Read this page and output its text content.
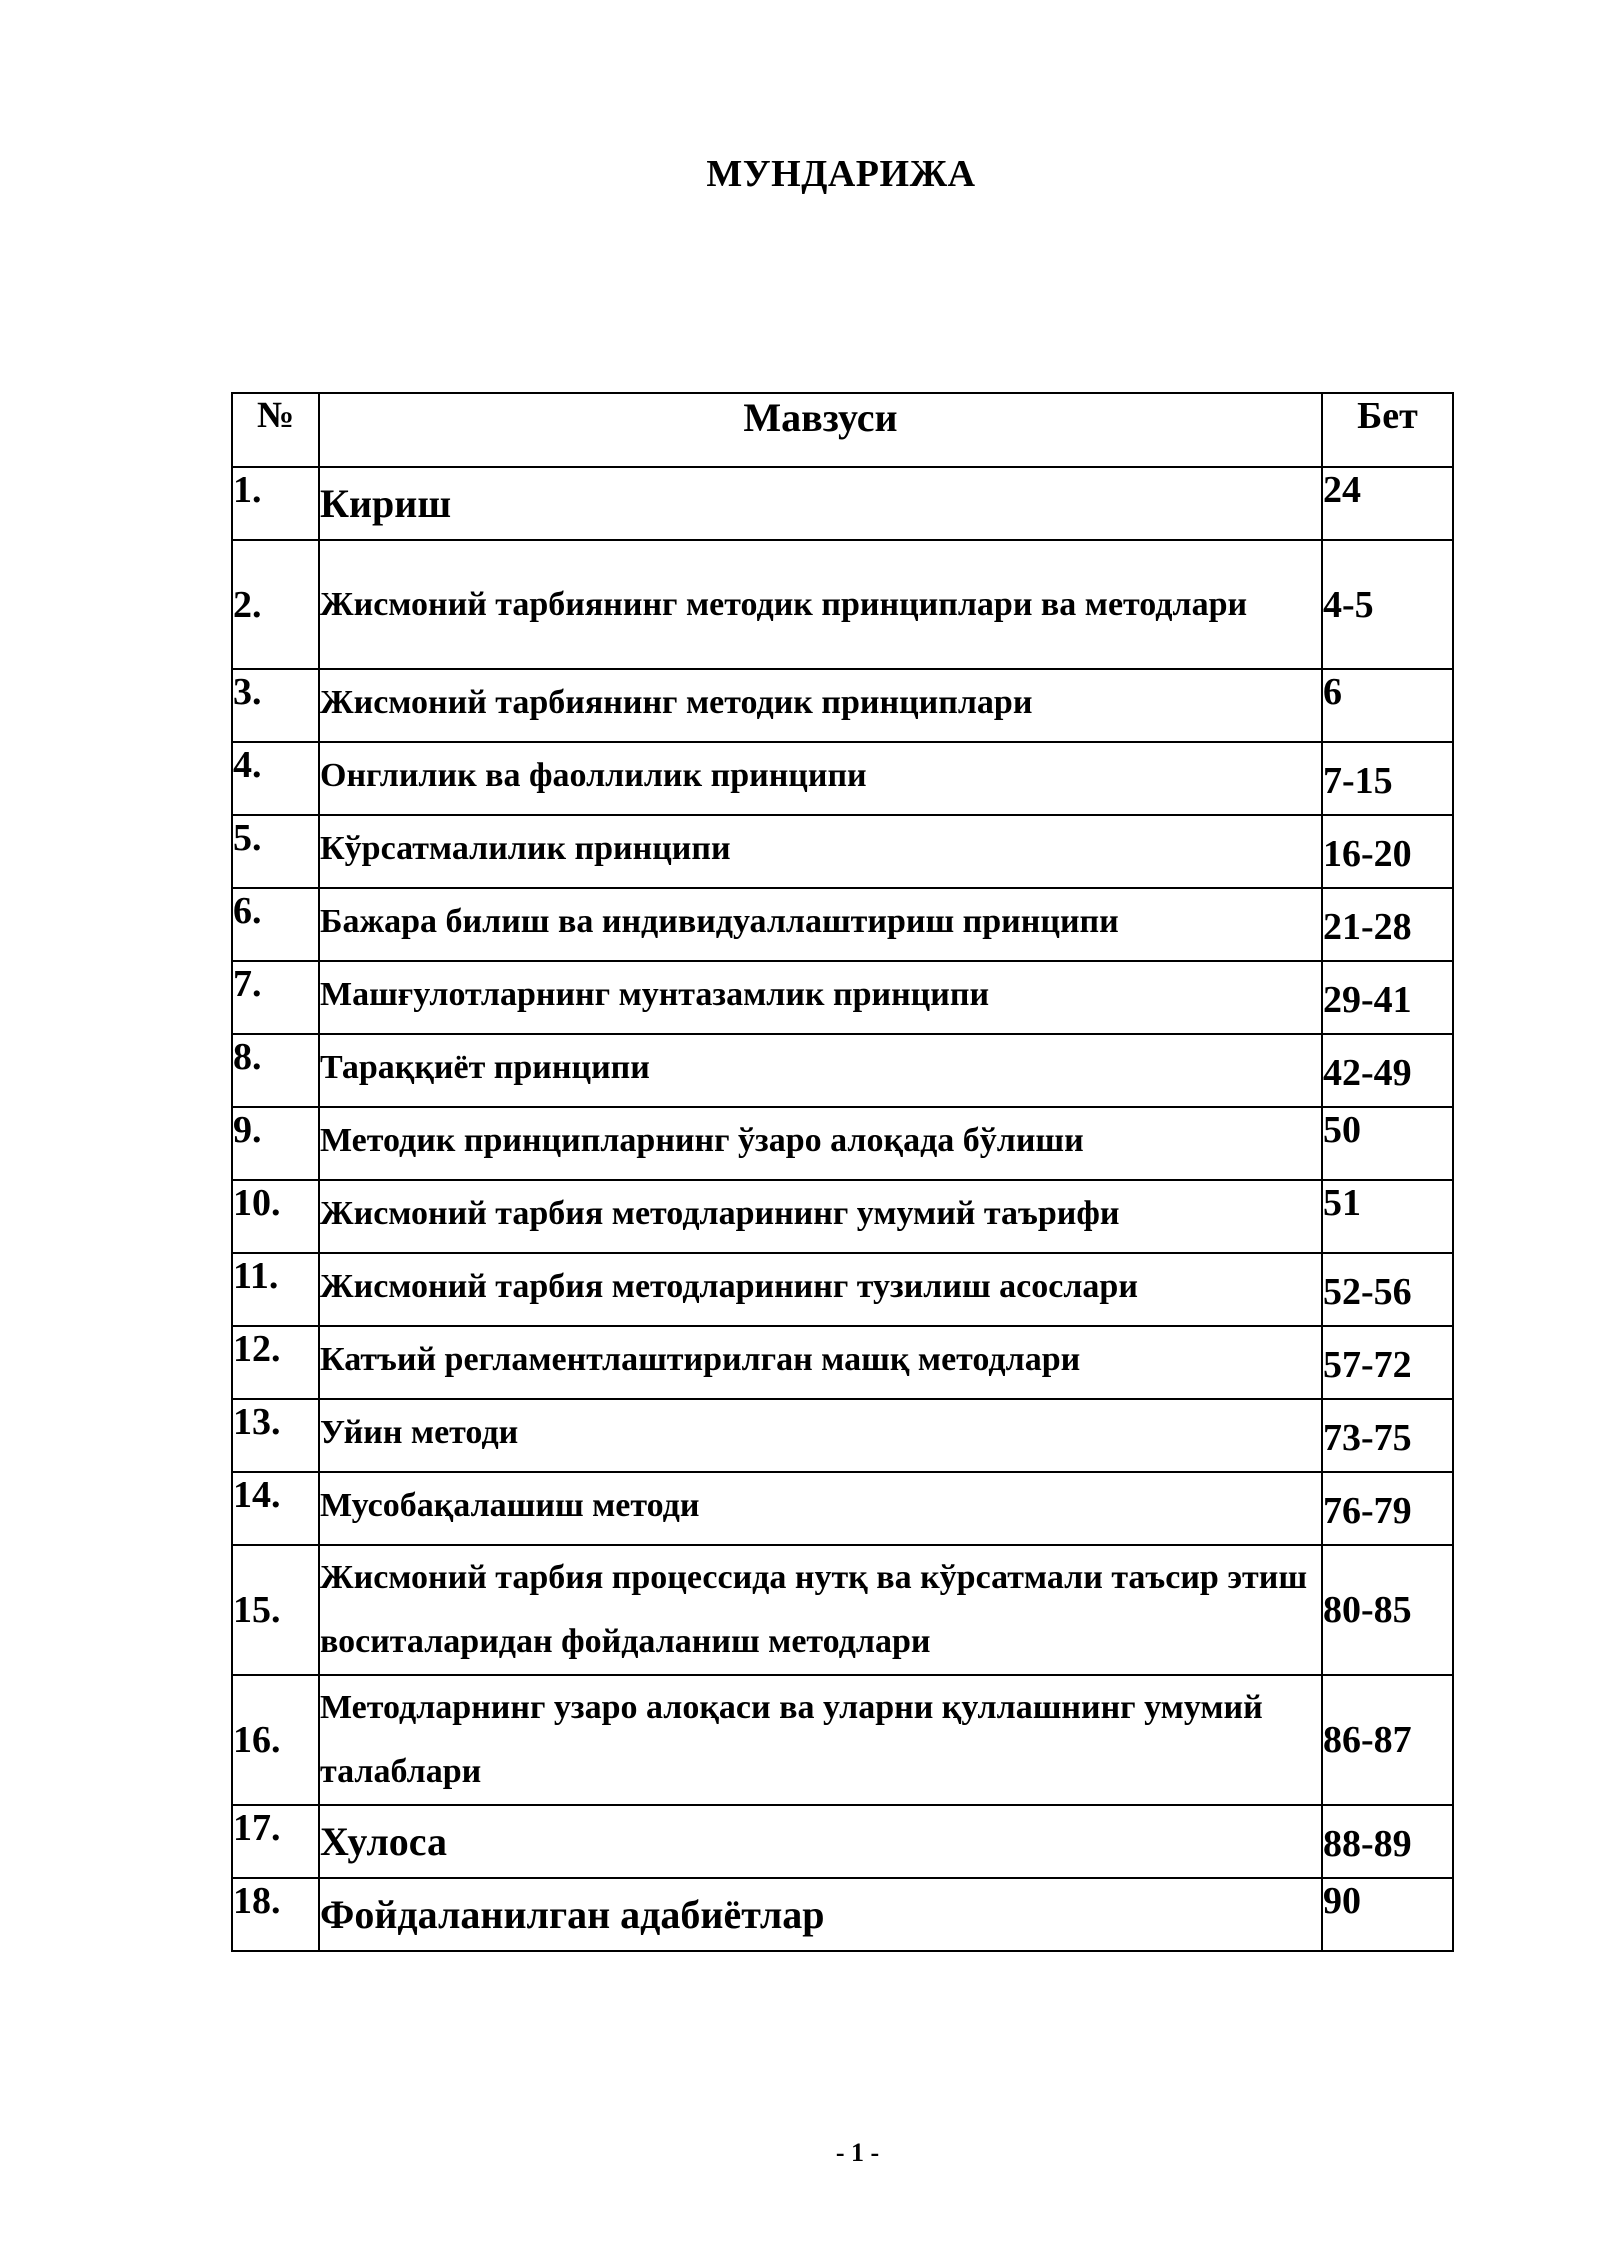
МУНДАРИЖА
№	Мавзуси	Бет
1.	Кириш	24
2.	Жисмоний тарбиянинг методик принциплари ва методлари	4-5
3.	Жисмоний тарбиянинг методик принциплари	6
4.	Онглилик ва фаоллилик принципи	7-15
5.	Кўрсатмалилик принципи	16-20
6.	Бажара билиш ва индивидуаллаштириш принципи	21-28
7.	Машғулотларнинг мунтазамлик принципи	29-41
8.	Тараққиёт принципи	42-49
9.	Методик принципларнинг ўзаро алоқада бўлиши	50
10.	Жисмоний тарбия методларининг умумий таърифи	51
11.	Жисмоний тарбия методларининг тузилиш асослари	52-56
12.	Катъий регламентлаштирилган машқ методлари	57-72
13.	Уйин методи	73-75
14.	Мусобақалашиш методи	76-79
15.	Жисмоний тарбия процессида нутқ ва кўрсатмали таъсир этиш воситаларидан фойдаланиш методлари	80-85
16.	Методларнинг узаро алоқаси ва уларни қуллашнинг умумий талаблари	86-87
17.	Хулоса	88-89
18.	Фойдаланилган адабиётлар	90
- 1 -
